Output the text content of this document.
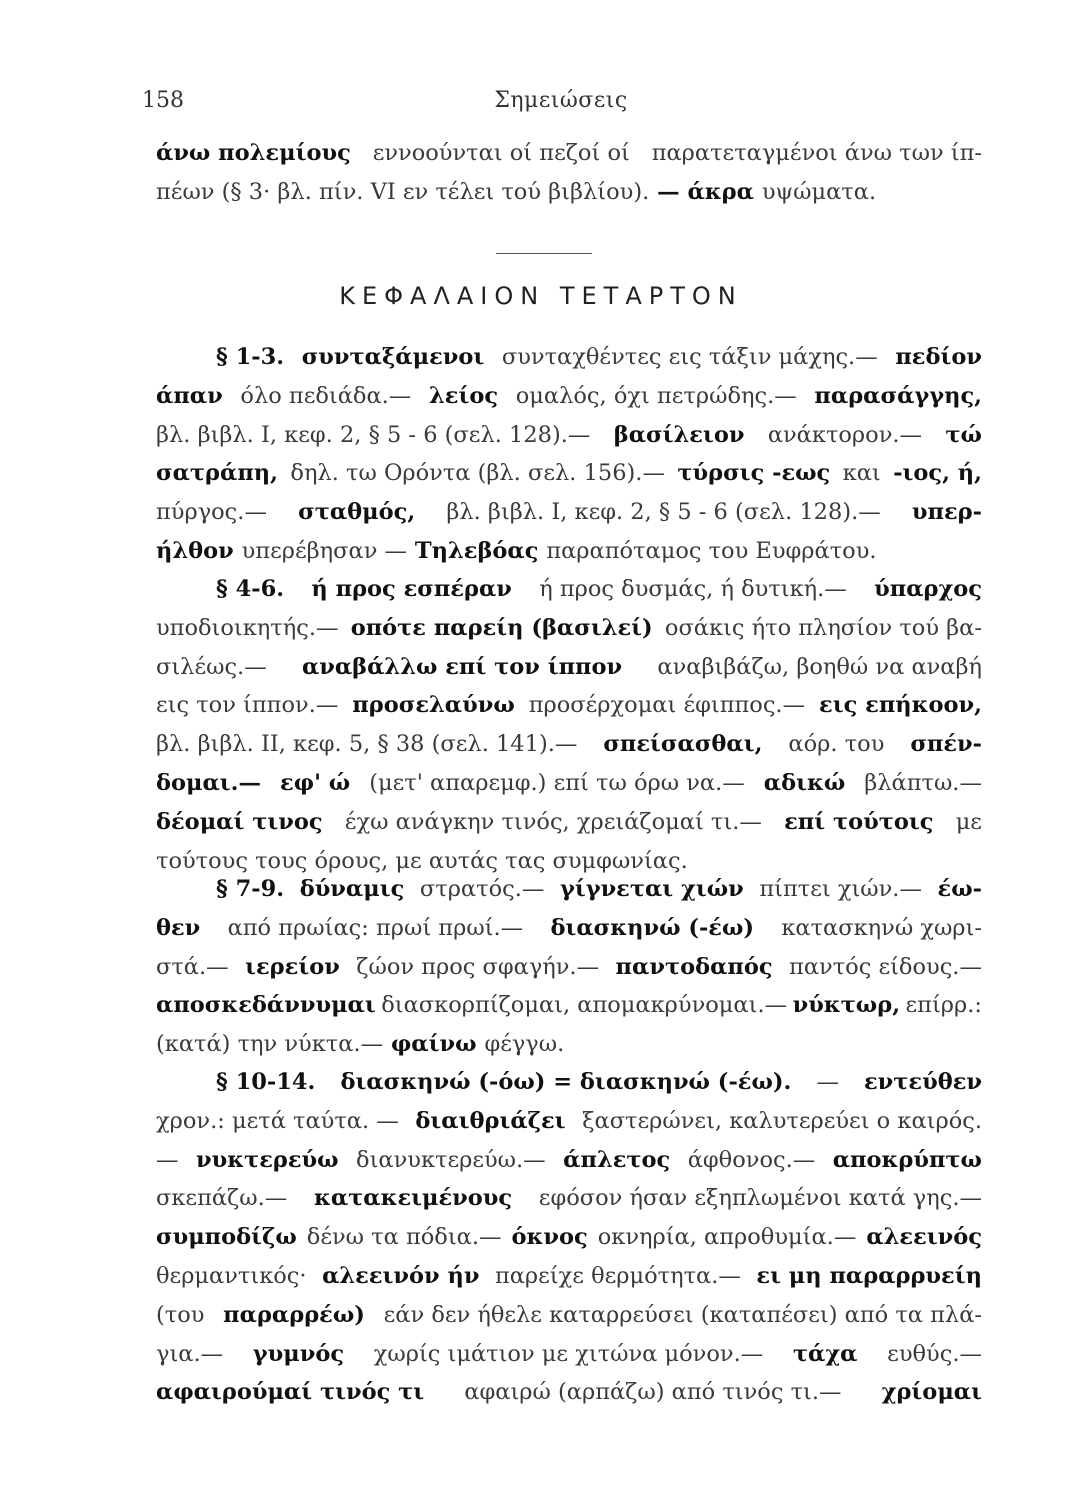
158	Σημειώσεις
άνω πολεμίους εννοούνται οί πεζοί οί παρατεταγμένοι άνω των ίπ-
πέων (§ 3· βλ. πίν. VI εν τέλει τού βιβλίου). — άκρα υψώματα.
ΚΕΦΑΛΑΙΟΝ ΤΕΤΑΡΤΟΝ
§ 1-3. συνταξάμενοι συνταχθέντες εις τάξιν μάχης.— πεδίον
άπαν όλο πεδιάδα.— λείος ομαλός, όχι πετρώδης.— παρασάγγης,
βλ. βιβλ. I, κεφ. 2, § 5 - 6 (σελ. 128).— βασίλειον ανάκτορον.— τώ
σατράπη, δηλ. τω Ορόντα (βλ. σελ. 156).— τύρσις -εως και -ιος, ή,
πύργος.— σταθμός, βλ. βιβλ. I, κεφ. 2, § 5 - 6 (σελ. 128).— υπερ-
ήλθον υπερέβησαν — Τηλεβόας παραπόταμος του Ευφράτου.
§ 4-6. ή προς εσπέραν ή προς δυσμάς, ή δυτική.— ύπαρχος
υποδιοικητής.— οπότε παρείη (βασιλεί) οσάκις ήτο πλησίον τού βα-
σιλέως.— αναβάλλω επί τον ίππον αναβιβάζω, βοηθώ να αναβή
εις τον ίππον.— προσελαύνω προσέρχομαι έφιππος.— εις επήκοον,
βλ. βιβλ. II, κεφ. 5, § 38 (σελ. 141).— σπείσασθαι, αόρ. του σπέν-
δομαι.— εφ' ώ (μετ' απαρεμφ.) επί τω όρω να.— αδικώ βλάπτω.—
δέομαί τινος έχω ανάγκην τινός, χρειάζομαί τι.— επί τούτοις με
τούτους τους όρους, με αυτάς τας συμφωνίας.
§ 7-9. δύναμις στρατός.— γίγνεται χιών πίπτει χιών.— έω-
θεν από πρωίας: πρωί πρωί.— διασκηνώ (-έω) κατασκηνώ χωρι-
στά.— ιερείον ζώον προς σφαγήν.— παντοδαπός παντός είδους.—
αποσκεδάννυμαι διασκορπίζομαι, απομακρύνομαι.— νύκτωρ, επίρρ.:
(κατά) την νύκτα.— φαίνω φέγγω.
§ 10-14. διασκηνώ (-όω) = διασκηνώ (-έω). — εντεύθεν
χρον.: μετά ταύτα. — διαιθριάζει ξαστερώνει, καλυτερεύει ο καιρός.
— νυκτερεύω διανυκτερεύω.— άπλετος άφθονος.— αποκρύπτω
σκεπάζω.— κατακειμένους εφόσον ήσαν εξηπλωμένοι κατά γης.—
συμποδίζω δένω τα πόδια.— όκνος οκνηρία, απροθυμία.— αλεεινός
θερμαντικός· αλεεινόν ήν παρείχε θερμότητα.— ει μη παραρρυείη
(του παραρρέω) εάν δεν ήθελε καταρρεύσει (καταπέσει) από τα πλά-
για.— γυμνός χωρίς ιμάτιον με χιτώνα μόνον.— τάχα ευθύς.—
αφαιρούμαί τινός τι αφαιρώ (αρπάζω) από τινός τι.— χρίομαι
